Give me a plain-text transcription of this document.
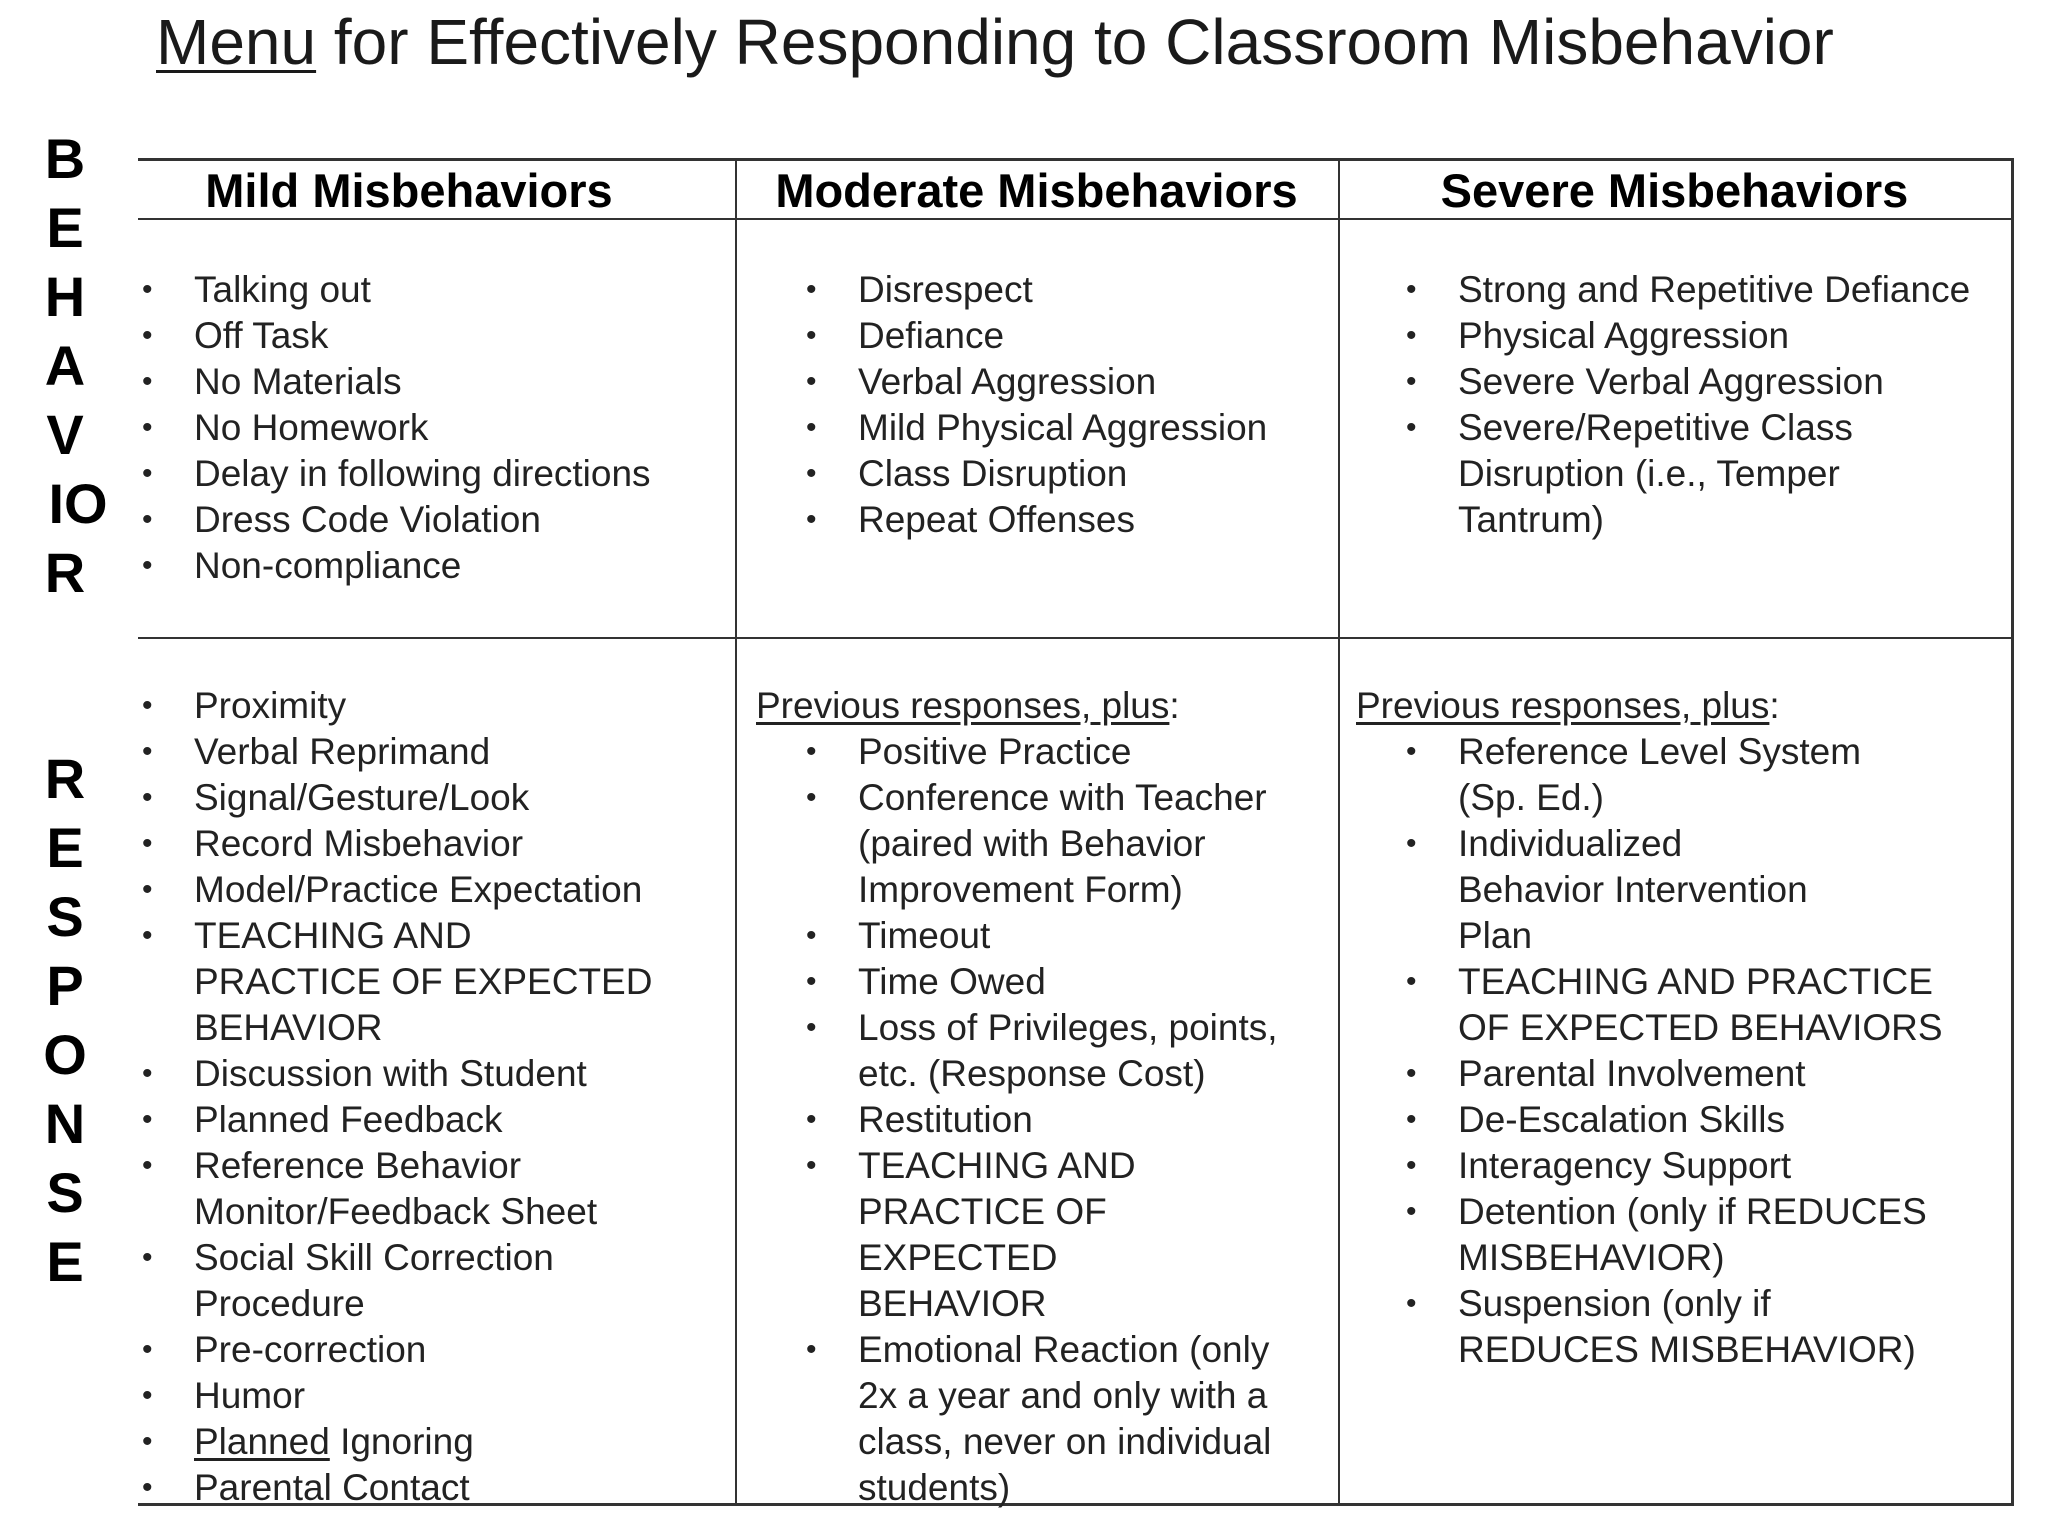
Menu for Effectively Responding to Classroom Misbehavior
B
E
H
A
V
IO
R
R
E
S
P
O
N
S
E
Mild Misbehaviors	Moderate Misbehaviors	Severe Misbehaviors
• Talking out
• Off Task
• No Materials
• No Homework
• Delay in following directions
• Dress Code Violation
• Non-compliance
• Disrespect
• Defiance
• Verbal Aggression
• Mild Physical Aggression
• Class Disruption
• Repeat Offenses
• Strong and Repetitive Defiance
• Physical Aggression
• Severe Verbal Aggression
• Severe/Repetitive Class Disruption (i.e., Temper Tantrum)
• Proximity
• Verbal Reprimand
• Signal/Gesture/Look
• Record Misbehavior
• Model/Practice Expectation
• TEACHING AND PRACTICE OF EXPECTED BEHAVIOR
• Discussion with Student
• Planned Feedback
• Reference Behavior Monitor/Feedback Sheet
• Social Skill Correction Procedure
• Pre-correction
• Humor
• Planned Ignoring
• Parental Contact
Previous responses, plus:
• Positive Practice
• Conference with Teacher (paired with Behavior Improvement Form)
• Timeout
• Time Owed
• Loss of Privileges, points, etc. (Response Cost)
• Restitution
• TEACHING AND PRACTICE OF EXPECTED BEHAVIOR
• Emotional Reaction (only 2x a year and only with a class, never on individual students)
Previous responses, plus:
• Reference Level System (Sp. Ed.)
• Individualized Behavior Intervention Plan
• TEACHING AND PRACTICE OF EXPECTED BEHAVIORS
• Parental Involvement
• De-Escalation Skills
• Interagency Support
• Detention (only if REDUCES MISBEHAVIOR)
• Suspension (only if REDUCES MISBEHAVIOR)
